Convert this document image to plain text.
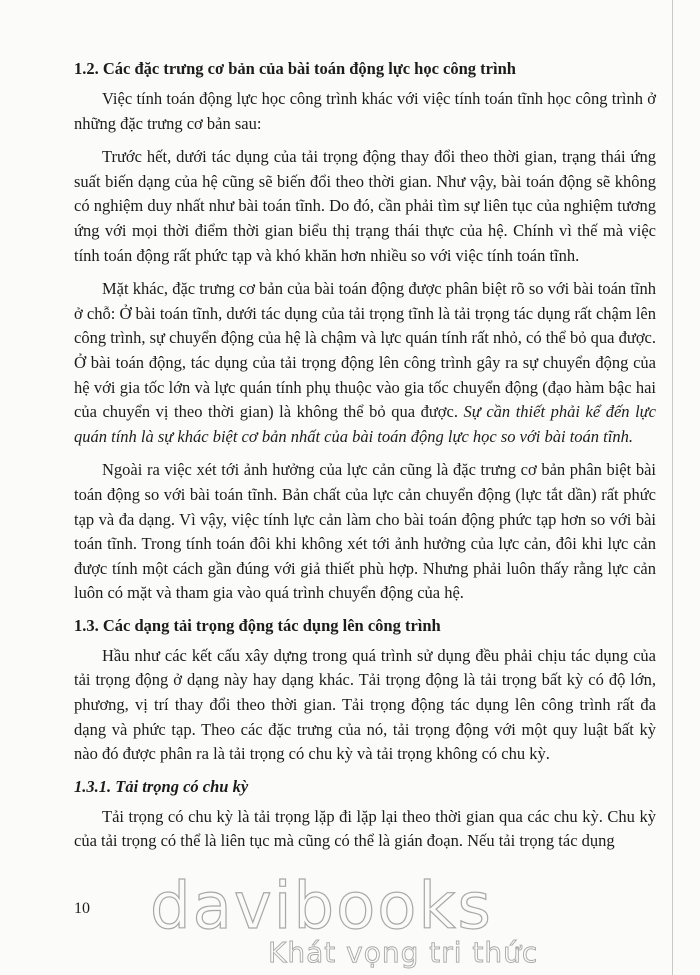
1.2. Các đặc trưng cơ bản của bài toán động lực học công trình

Việc tính toán động lực học công trình khác với việc tính toán tĩnh học công trình ở những đặc trưng cơ bản sau:

Trước hết, dưới tác dụng của tải trọng động thay đổi theo thời gian, trạng thái ứng suất biến dạng của hệ cũng sẽ biến đổi theo thời gian. Như vậy, bài toán động sẽ không có nghiệm duy nhất như bài toán tĩnh. Do đó, cần phải tìm sự liên tục của nghiệm tương ứng với mọi thời điểm thời gian biểu thị trạng thái thực của hệ. Chính vì thế mà việc tính toán động rất phức tạp và khó khăn hơn nhiều so với việc tính toán tĩnh.

Mặt khác, đặc trưng cơ bản của bài toán động được phân biệt rõ so với bài toán tĩnh ở chỗ: Ở bài toán tĩnh, dưới tác dụng của tải trọng tĩnh là tải trọng tác dụng rất chậm lên công trình, sự chuyển động của hệ là chậm và lực quán tính rất nhỏ, có thể bỏ qua được. Ở bài toán động, tác dụng của tải trọng động lên công trình gây ra sự chuyển động của hệ với gia tốc lớn và lực quán tính phụ thuộc vào gia tốc chuyển động (đạo hàm bậc hai của chuyển vị theo thời gian) là không thể bỏ qua được. Sự cần thiết phải kể đến lực quán tính là sự khác biệt cơ bản nhất của bài toán động lực học so với bài toán tĩnh.

Ngoài ra việc xét tới ảnh hưởng của lực cản cũng là đặc trưng cơ bản phân biệt bài toán động so với bài toán tĩnh. Bản chất của lực cản chuyển động (lực tắt dần) rất phức tạp và đa dạng. Vì vậy, việc tính lực cản làm cho bài toán động phức tạp hơn so với bài toán tĩnh. Trong tính toán đôi khi không xét tới ảnh hưởng của lực cản, đôi khi lực cản được tính một cách gần đúng với giả thiết phù hợp. Nhưng phải luôn thấy rằng lực cản luôn có mặt và tham gia vào quá trình chuyển động của hệ.

1.3. Các dạng tải trọng động tác dụng lên công trình

Hầu như các kết cấu xây dựng trong quá trình sử dụng đều phải chịu tác dụng của tải trọng động ở dạng này hay dạng khác. Tải trọng động là tải trọng bất kỳ có độ lớn, phương, vị trí thay đổi theo thời gian. Tải trọng động tác dụng lên công trình rất đa dạng và phức tạp. Theo các đặc trưng của nó, tải trọng động với một quy luật bất kỳ nào đó được phân ra là tải trọng có chu kỳ và tải trọng không có chu kỳ.

1.3.1. Tải trọng có chu kỳ

Tải trọng có chu kỳ là tải trọng lặp đi lặp lại theo thời gian qua các chu kỳ. Chu kỳ của tải trọng có thể là liên tục mà cũng có thể là gián đoạn. Nếu tải trọng tác dụng

davibooks
Khát vọng tri thức
10
